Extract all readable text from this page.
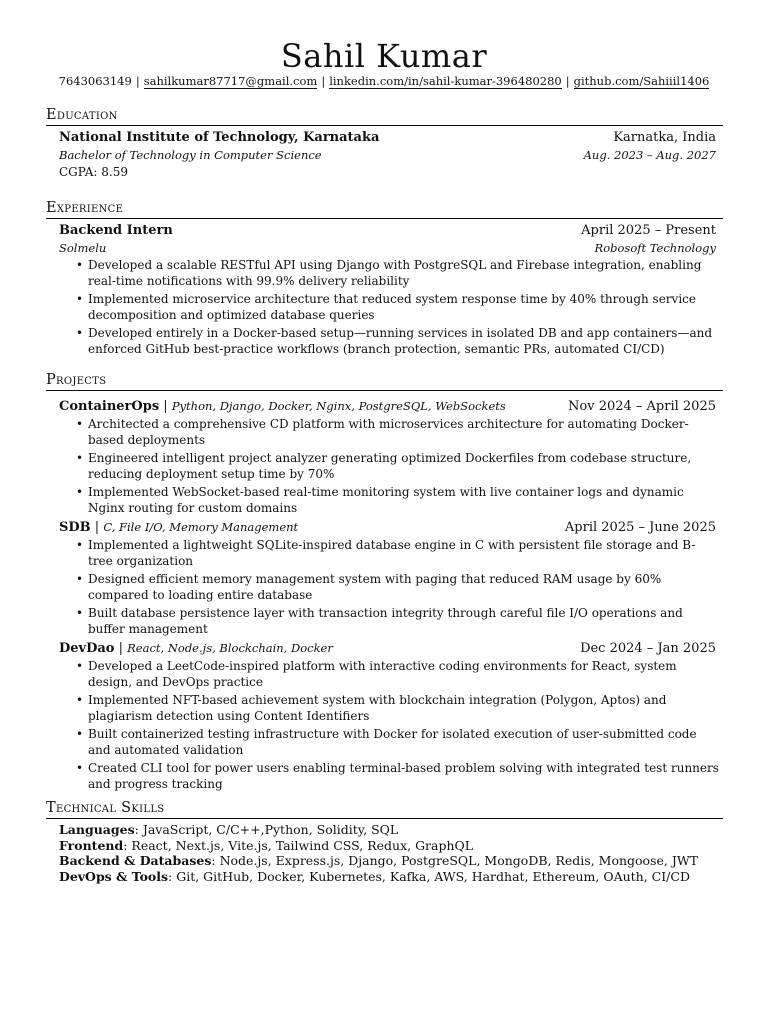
Sahil Kumar
7643063149 | sahilkumar87717@gmail.com | linkedin.com/in/sahil-kumar-396480280 | github.com/Sahiiil1406
Education
National Institute of Technology, Karnataka	Karnatka, India
Bachelor of Technology in Computer Science	Aug. 2023 – Aug. 2027
CGPA: 8.59
Experience
Backend Intern	April 2025 – Present
Solmelu	Robosoft Technology
• Developed a scalable RESTful API using Django with PostgreSQL and Firebase integration, enabling real-time notifications with 99.9% delivery reliability
• Implemented microservice architecture that reduced system response time by 40% through service decomposition and optimized database queries
• Developed entirely in a Docker-based setup—running services in isolated DB and app containers—and enforced GitHub best-practice workflows (branch protection, semantic PRs, automated CI/CD)
Projects
ContainerOps | Python, Django, Docker, Nginx, PostgreSQL, WebSockets	Nov 2024 – April 2025
• Architected a comprehensive CD platform with microservices architecture for automating Docker-based deployments
• Engineered intelligent project analyzer generating optimized Dockerfiles from codebase structure, reducing deployment setup time by 70%
• Implemented WebSocket-based real-time monitoring system with live container logs and dynamic Nginx routing for custom domains
SDB | C, File I/O, Memory Management	April 2025 – June 2025
• Implemented a lightweight SQLite-inspired database engine in C with persistent file storage and B-tree organization
• Designed efficient memory management system with paging that reduced RAM usage by 60% compared to loading entire database
• Built database persistence layer with transaction integrity through careful file I/O operations and buffer management
DevDao | React, Node.js, Blockchain, Docker	Dec 2024 – Jan 2025
• Developed a LeetCode-inspired platform with interactive coding environments for React, system design, and DevOps practice
• Implemented NFT-based achievement system with blockchain integration (Polygon, Aptos) and plagiarism detection using Content Identifiers
• Built containerized testing infrastructure with Docker for isolated execution of user-submitted code and automated validation
• Created CLI tool for power users enabling terminal-based problem solving with integrated test runners and progress tracking
Technical Skills
Languages: JavaScript, C/C++,Python, Solidity, SQL
Frontend: React, Next.js, Vite.js, Tailwind CSS, Redux, GraphQL
Backend & Databases: Node.js, Express.js, Django, PostgreSQL, MongoDB, Redis, Mongoose, JWT
DevOps & Tools: Git, GitHub, Docker, Kubernetes, Kafka, AWS, Hardhat, Ethereum, OAuth, CI/CD
